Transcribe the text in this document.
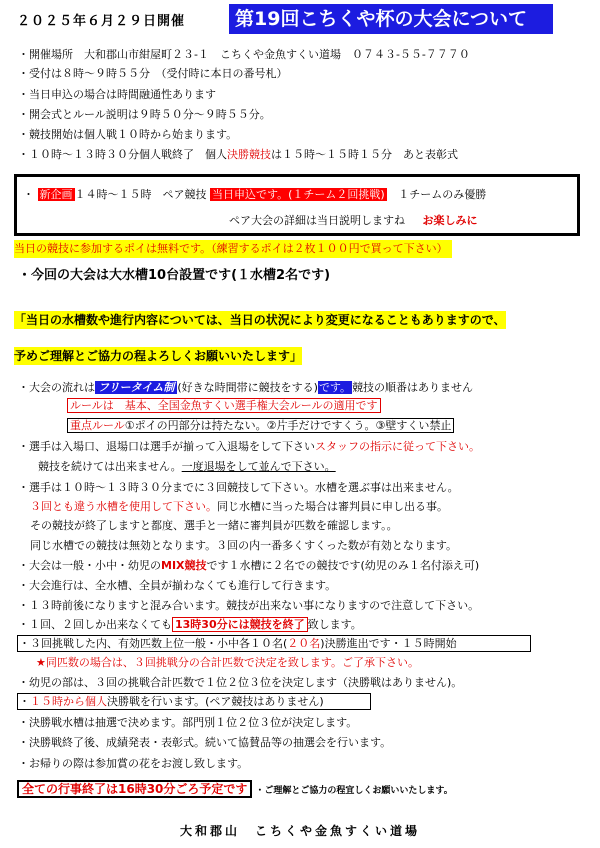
２０２５年６月２９日開催	第19回こちくや杯の大会について
・開催場所　大和郡山市紺屋町２３-１　こちくや金魚すくい道場　０７４３-５５-７７７０
・受付は８時～９時５５分　（受付時に本日の番号札）
・当日申込の場合は時間融通性あります
・開会式とルール説明は９時５０分～９時５５分。
・競技開始は個人戦１０時から始まります。
・１０時～１３時３０分個人戦終了　個人決勝競技は１５時～１５時１５分　あと表彰式
・ 新企画 １４時～１５時　ペア競技 当日申込です。(１チーム２回挑戦) １チームのみ優勝
ペア大会の詳細は当日説明しますね お楽しみに
当日の競技に参加するポイは無料です。（練習するポイは２枚１００円で買って下さい）
・今回の大会は大水槽10台設置です(１水槽2名です)
「当日の水槽数や進行内容については、当日の状況により変更になることもありますので、
予めご理解とご協力の程よろしくお願いいたします」
・大会の流れは フリータイム制 (好きな時間帯に競技をする)です。競技の順番はありません
ルールは　基本、全国金魚すくい選手権大会ルールの適用です
重点ルール①ポイの円部分は持たない。②片手だけですくう。③壁すくい禁止
・選手は入場口、退場口は選手が揃って入退場をして下さいスタッフの指示に従って下さい。
競技を続けては出来ません。一度退場をして並んで下さい。
・選手は１０時～１３時３０分までに３回競技して下さい。水槽を選ぶ事は出来ません。
３回とも違う水槽を使用して下さい。同じ水槽に当った場合は審判員に申し出る事。
その競技が終了しますと都度、選手と一緒に審判員が匹数を確認します。。
同じ水槽での競技は無効となります。３回の内一番多くすくった数が有効となります。
・大会は一般・小中・幼児のMIX競技です１水槽に２名での競技です(幼児のみ１名付添え可)
・大会進行は、全水槽、全員が揃わなくても進行して行きます。
・１３時前後になりますと混み合います。競技が出来ない事になりますので注意して下さい。
・１回、２回しか出来なくても 13時30分には競技を終了 致します。
・３回挑戦した内、有効匹数上位一般・小中各１０名(２０名)決勝進出です・１５時開始
★同匹数の場合は、３回挑戦分の合計匹数で決定を致します。ご了承下さい。
・幼児の部は、３回の挑戦合計匹数で１位２位３位を決定します（決勝戦はありません)。
・１５時から個人決勝戦を行います。(ペア競技はありません)
・決勝戦水槽は抽選で決めます。部門別１位２位３位が決定します。
・決勝戦終了後、成績発表・表彰式。続いて協賛品等の抽選会を行います。
・お帰りの際は参加賞の花をお渡し致します。
全ての行事終了は16時30分ごろ予定です ・ご理解とご協力の程宜しくお願いいたします。
大和郡山　こちくや金魚すくい道場
